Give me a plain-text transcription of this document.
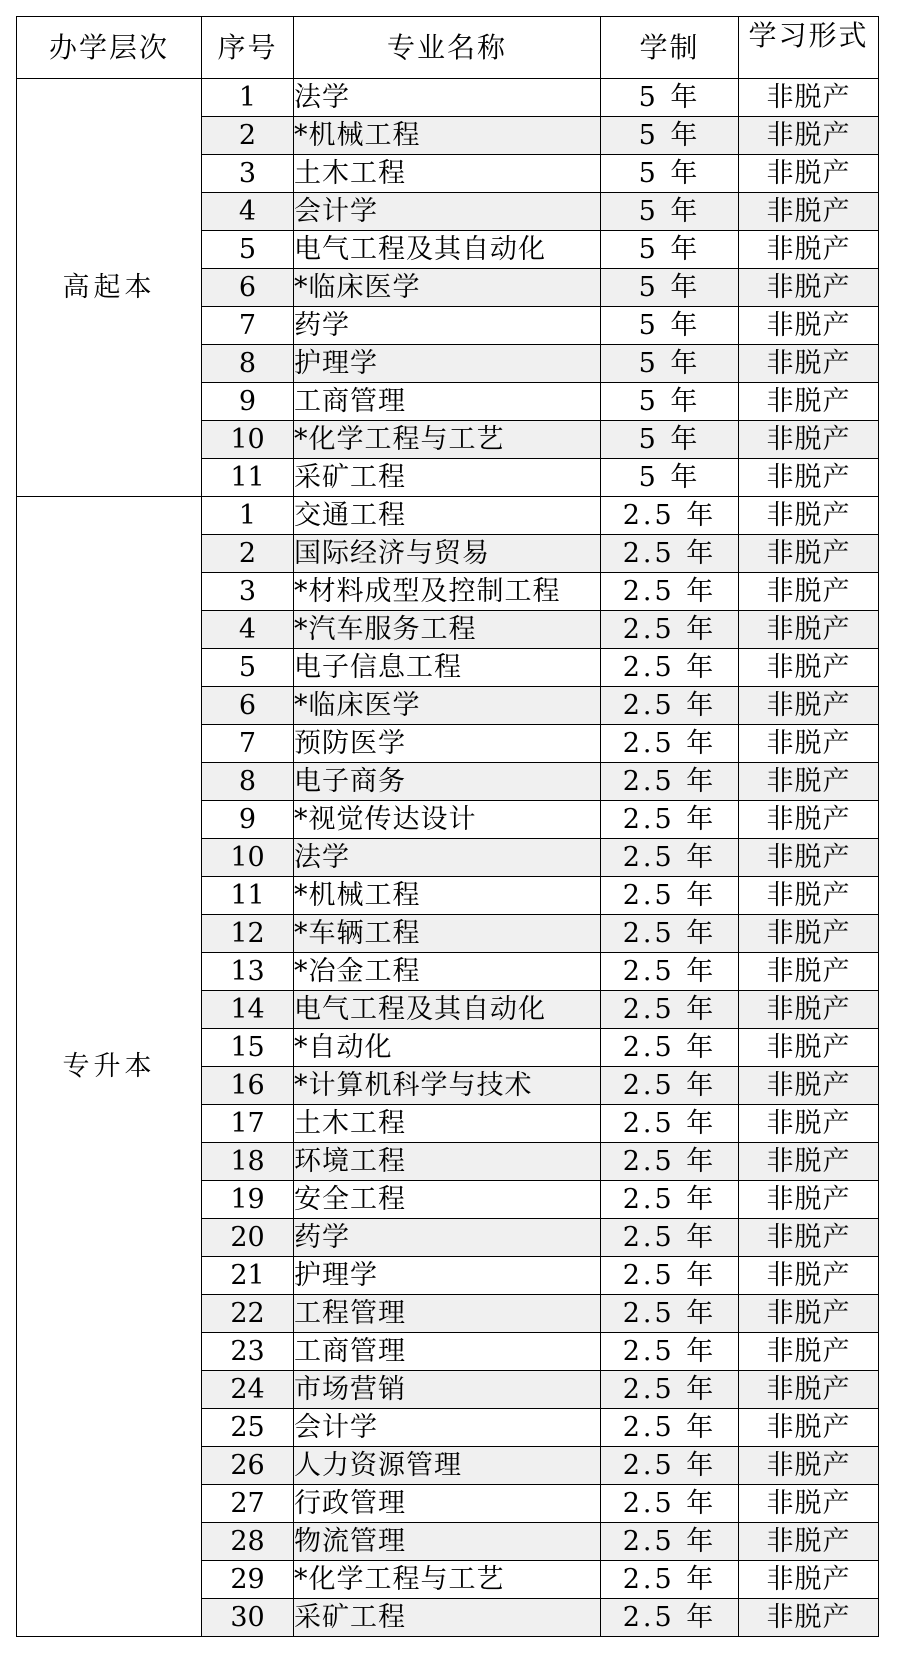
办学层次	序号	专业名称	学制	学习形式
高起本	1	法学	5 年	非脱产
	2	*机械工程	5 年	非脱产
	3	土木工程	5 年	非脱产
	4	会计学	5 年	非脱产
	5	电气工程及其自动化	5 年	非脱产
	6	*临床医学	5 年	非脱产
	7	药学	5 年	非脱产
	8	护理学	5 年	非脱产
	9	工商管理	5 年	非脱产
	10	*化学工程与工艺	5 年	非脱产
	11	采矿工程	5 年	非脱产
专升本	1	交通工程	2.5 年	非脱产
	2	国际经济与贸易	2.5 年	非脱产
	3	*材料成型及控制工程	2.5 年	非脱产
	4	*汽车服务工程	2.5 年	非脱产
	5	电子信息工程	2.5 年	非脱产
	6	*临床医学	2.5 年	非脱产
	7	预防医学	2.5 年	非脱产
	8	电子商务	2.5 年	非脱产
	9	*视觉传达设计	2.5 年	非脱产
	10	法学	2.5 年	非脱产
	11	*机械工程	2.5 年	非脱产
	12	*车辆工程	2.5 年	非脱产
	13	*冶金工程	2.5 年	非脱产
	14	电气工程及其自动化	2.5 年	非脱产
	15	*自动化	2.5 年	非脱产
	16	*计算机科学与技术	2.5 年	非脱产
	17	土木工程	2.5 年	非脱产
	18	环境工程	2.5 年	非脱产
	19	安全工程	2.5 年	非脱产
	20	药学	2.5 年	非脱产
	21	护理学	2.5 年	非脱产
	22	工程管理	2.5 年	非脱产
	23	工商管理	2.5 年	非脱产
	24	市场营销	2.5 年	非脱产
	25	会计学	2.5 年	非脱产
	26	人力资源管理	2.5 年	非脱产
	27	行政管理	2.5 年	非脱产
	28	物流管理	2.5 年	非脱产
	29	*化学工程与工艺	2.5 年	非脱产
	30	采矿工程	2.5 年	非脱产
